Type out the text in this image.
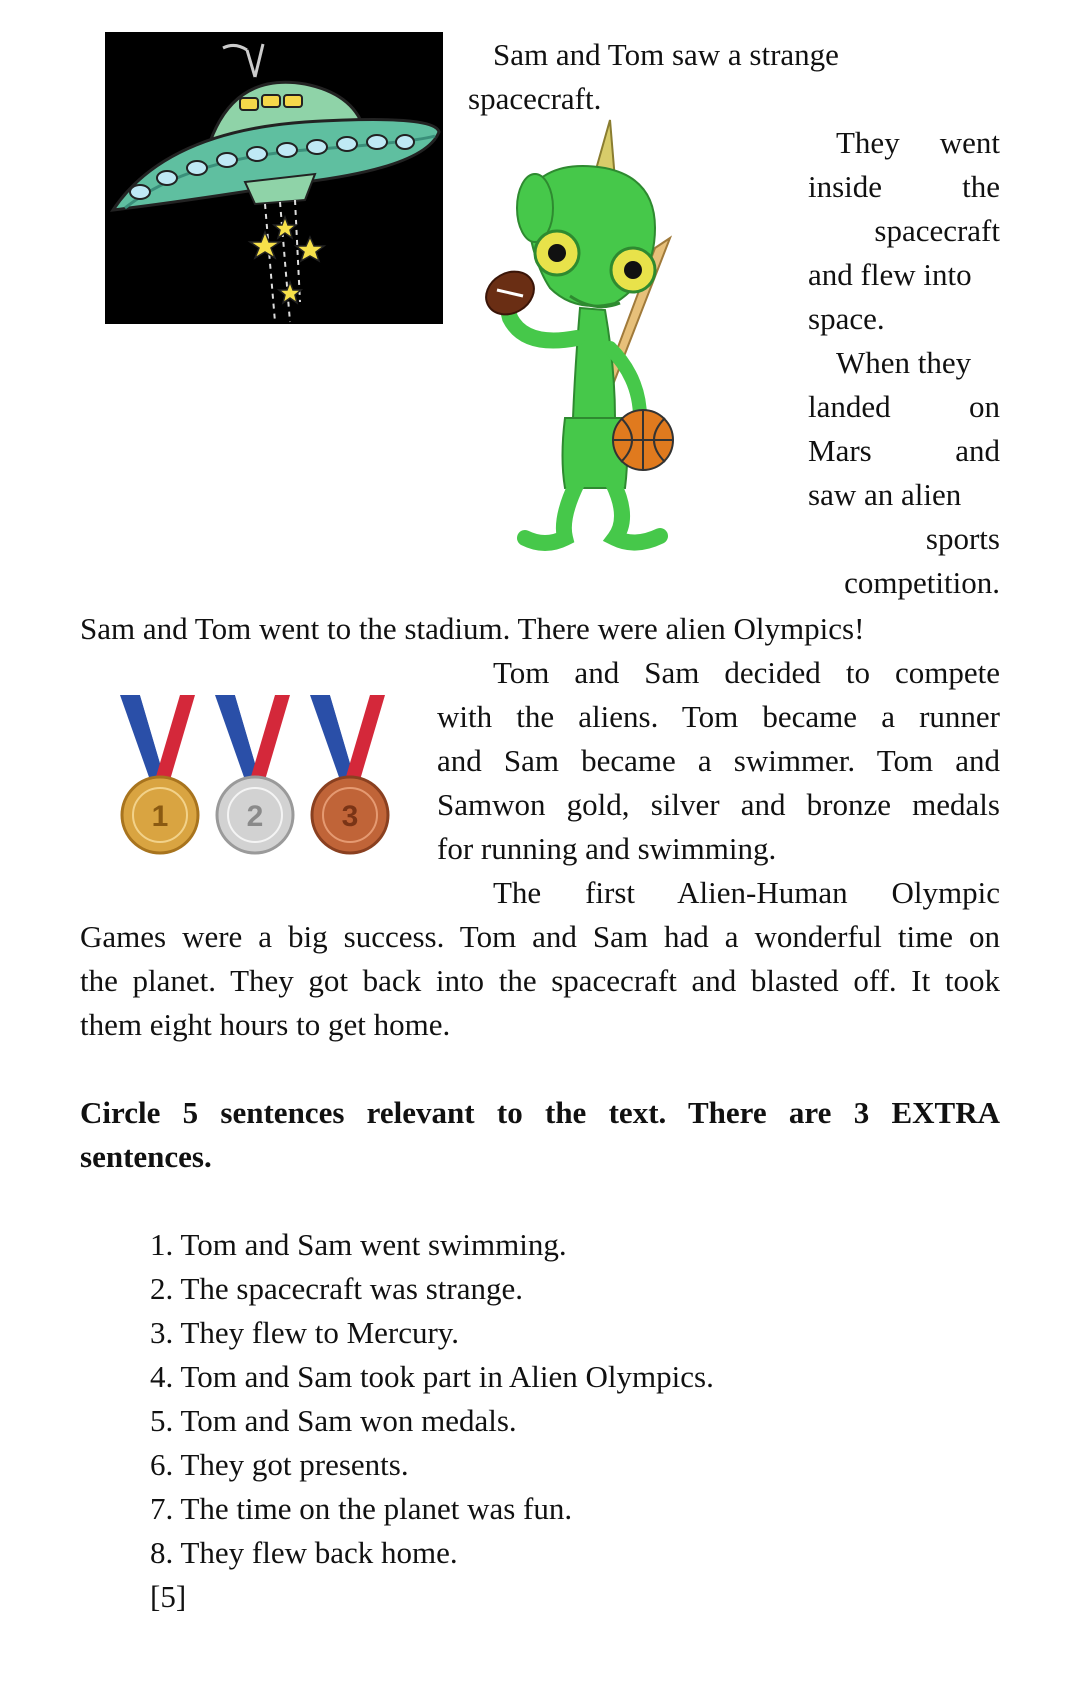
Sam and Tom saw a strange

spacecraft.

They went
inside	the
spacecraft
and flew into
space.
When they
landed	on
Mars	and
saw an alien
sports
competition.

Sam and Tom went to the stadium. There were alien Olympics!

1	2	3
Tom and Sam decided to compete
with the aliens. Tom became a runner
and Sam became a swimmer. Tom and
Samwon gold, silver and bronze medals
for running and swimming.
The first Alien-Human Olympic
Games were a big success. Tom and Sam had a wonderful time on
the planet. They got back into the spacecraft and blasted off. It took
them eight hours to get home.
Circle 5 sentences relevant to the text. There are 3 EXTRA
sentences.
1. Tom and Sam went swimming.
2. The spacecraft was strange.
3. They flew to Mercury.
4. Tom and Sam took part in Alien Olympics.
5. Tom and Sam won medals.
6. They got presents.
7. The time on the planet was fun.
8. They flew back home.
[5]
